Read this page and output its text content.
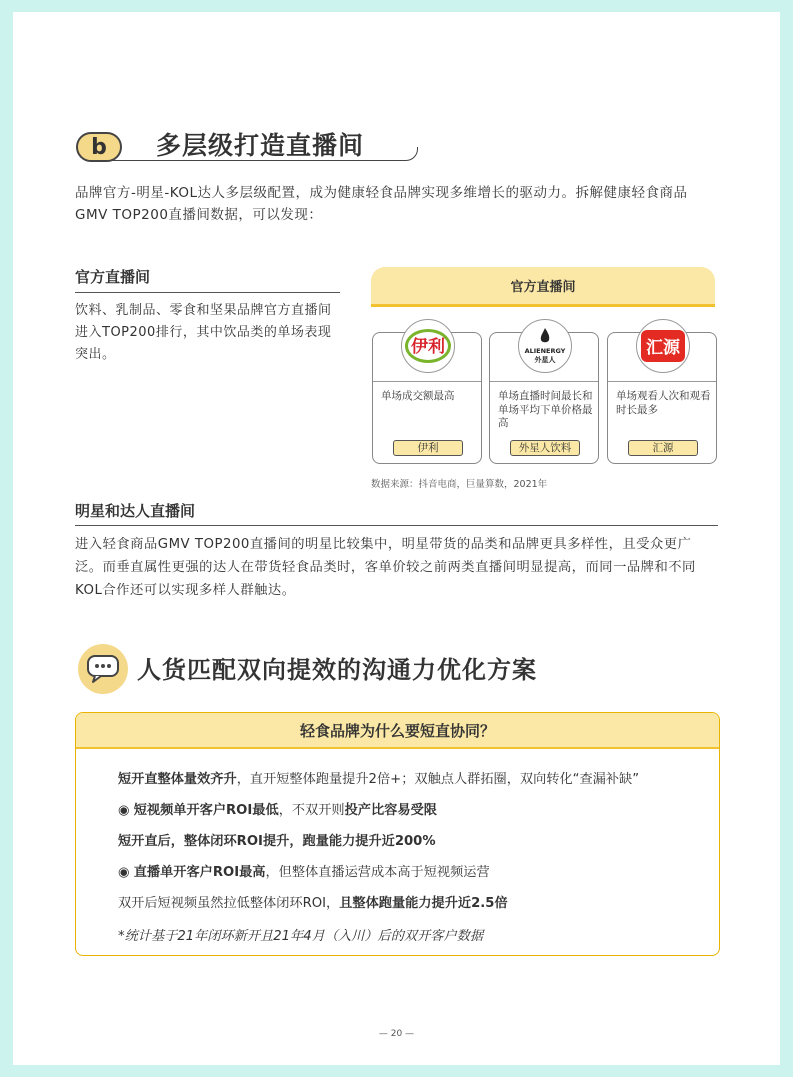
b	多层级打造直播间
品牌官方-明星-KOL达人多层级配置，成为健康轻食品牌实现多维增长的驱动力。拆解健康轻食商品
GMV TOP200直播间数据，可以发现：
官方直播间
饮料、乳制品、零食和坚果品牌官方直播间
进入TOP200排行，其中饮品类的单场表现
突出。
官方直播间
伊利
单场成交额最高
伊利
ALIENERGY
外星人
单场直播时间最长和单场平均下单价格最高
外星人饮料
汇源
单场观看人次和观看时长最多
汇源
数据来源：抖音电商，巨量算数，2021年
明星和达人直播间
进入轻食商品GMV TOP200直播间的明星比较集中，明星带货的品类和品牌更具多样性，且受众更广
泛。而垂直属性更强的达人在带货轻食品类时，客单价较之前两类直播间明显提高，而同一品牌和不同
KOL合作还可以实现多样人群触达。
人货匹配双向提效的沟通力优化方案
轻食品牌为什么要短直协同？
短开直整体量效齐升，直开短整体跑量提升2倍+；双触点人群拓圈，双向转化“查漏补缺”
◉ 短视频单开客户ROI最低，不双开则投产比容易受限
短开直后，整体闭环ROI提升，跑量能力提升近200%
◉ 直播单开客户ROI最高，但整体直播运营成本高于短视频运营
双开后短视频虽然拉低整体闭环ROI，且整体跑量能力提升近2.5倍
*统计基于21年闭环新开且21年4月（入川）后的双开客户数据
— 20 —
